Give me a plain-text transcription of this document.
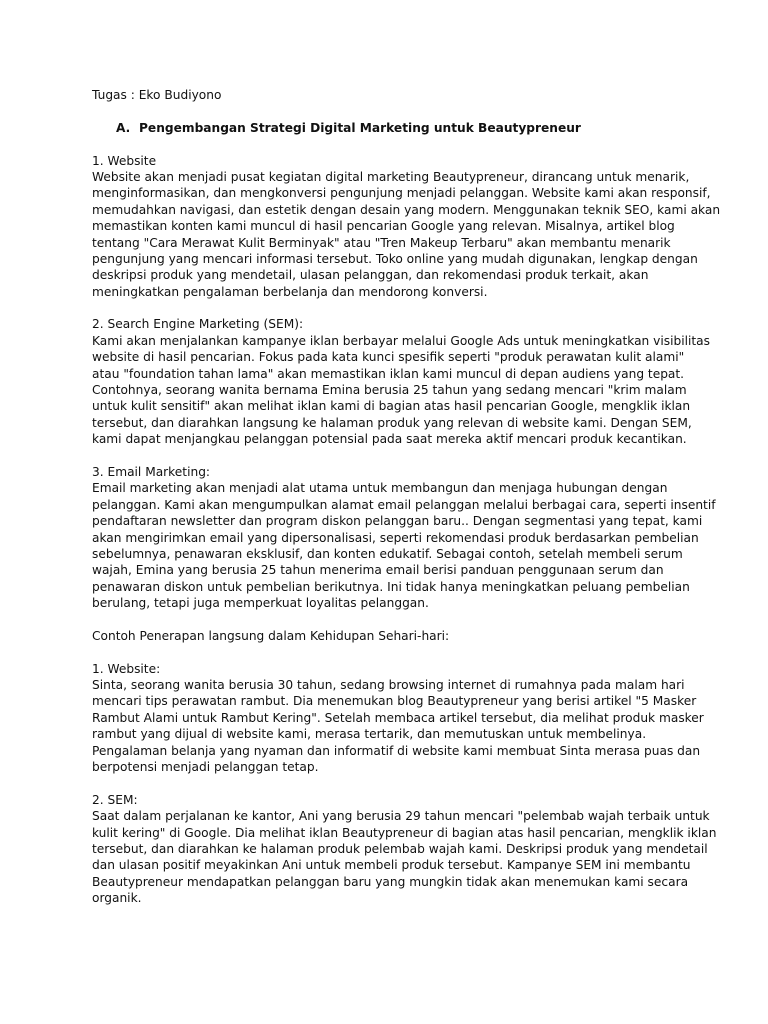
Tugas : Eko Budiyono
A. Pengembangan Strategi Digital Marketing untuk Beautypreneur
1. Website
Website akan menjadi pusat kegiatan digital marketing Beautypreneur, dirancang untuk menarik,
menginformasikan, dan mengkonversi pengunjung menjadi pelanggan. Website kami akan responsif,
memudahkan navigasi, dan estetik dengan desain yang modern. Menggunakan teknik SEO, kami akan
memastikan konten kami muncul di hasil pencarian Google yang relevan. Misalnya, artikel blog
tentang "Cara Merawat Kulit Berminyak" atau "Tren Makeup Terbaru" akan membantu menarik
pengunjung yang mencari informasi tersebut. Toko online yang mudah digunakan, lengkap dengan
deskripsi produk yang mendetail, ulasan pelanggan, dan rekomendasi produk terkait, akan
meningkatkan pengalaman berbelanja dan mendorong konversi.
2. Search Engine Marketing (SEM):
Kami akan menjalankan kampanye iklan berbayar melalui Google Ads untuk meningkatkan visibilitas
website di hasil pencarian. Fokus pada kata kunci spesifik seperti "produk perawatan kulit alami"
atau "foundation tahan lama" akan memastikan iklan kami muncul di depan audiens yang tepat.
Contohnya, seorang wanita bernama Emina berusia 25 tahun yang sedang mencari "krim malam
untuk kulit sensitif" akan melihat iklan kami di bagian atas hasil pencarian Google, mengklik iklan
tersebut, dan diarahkan langsung ke halaman produk yang relevan di website kami. Dengan SEM,
kami dapat menjangkau pelanggan potensial pada saat mereka aktif mencari produk kecantikan.
3. Email Marketing:
Email marketing akan menjadi alat utama untuk membangun dan menjaga hubungan dengan
pelanggan. Kami akan mengumpulkan alamat email pelanggan melalui berbagai cara, seperti insentif
pendaftaran newsletter dan program diskon pelanggan baru.. Dengan segmentasi yang tepat, kami
akan mengirimkan email yang dipersonalisasi, seperti rekomendasi produk berdasarkan pembelian
sebelumnya, penawaran eksklusif, dan konten edukatif. Sebagai contoh, setelah membeli serum
wajah, Emina yang berusia 25 tahun menerima email berisi panduan penggunaan serum dan
penawaran diskon untuk pembelian berikutnya. Ini tidak hanya meningkatkan peluang pembelian
berulang, tetapi juga memperkuat loyalitas pelanggan.
Contoh Penerapan langsung dalam Kehidupan Sehari-hari:
1. Website:
Sinta, seorang wanita berusia 30 tahun, sedang browsing internet di rumahnya pada malam hari
mencari tips perawatan rambut. Dia menemukan blog Beautypreneur yang berisi artikel "5 Masker
Rambut Alami untuk Rambut Kering". Setelah membaca artikel tersebut, dia melihat produk masker
rambut yang dijual di website kami, merasa tertarik, dan memutuskan untuk membelinya.
Pengalaman belanja yang nyaman dan informatif di website kami membuat Sinta merasa puas dan
berpotensi menjadi pelanggan tetap.
2. SEM:
Saat dalam perjalanan ke kantor, Ani yang berusia 29 tahun mencari "pelembab wajah terbaik untuk
kulit kering" di Google. Dia melihat iklan Beautypreneur di bagian atas hasil pencarian, mengklik iklan
tersebut, dan diarahkan ke halaman produk pelembab wajah kami. Deskripsi produk yang mendetail
dan ulasan positif meyakinkan Ani untuk membeli produk tersebut. Kampanye SEM ini membantu
Beautypreneur mendapatkan pelanggan baru yang mungkin tidak akan menemukan kami secara
organik.
